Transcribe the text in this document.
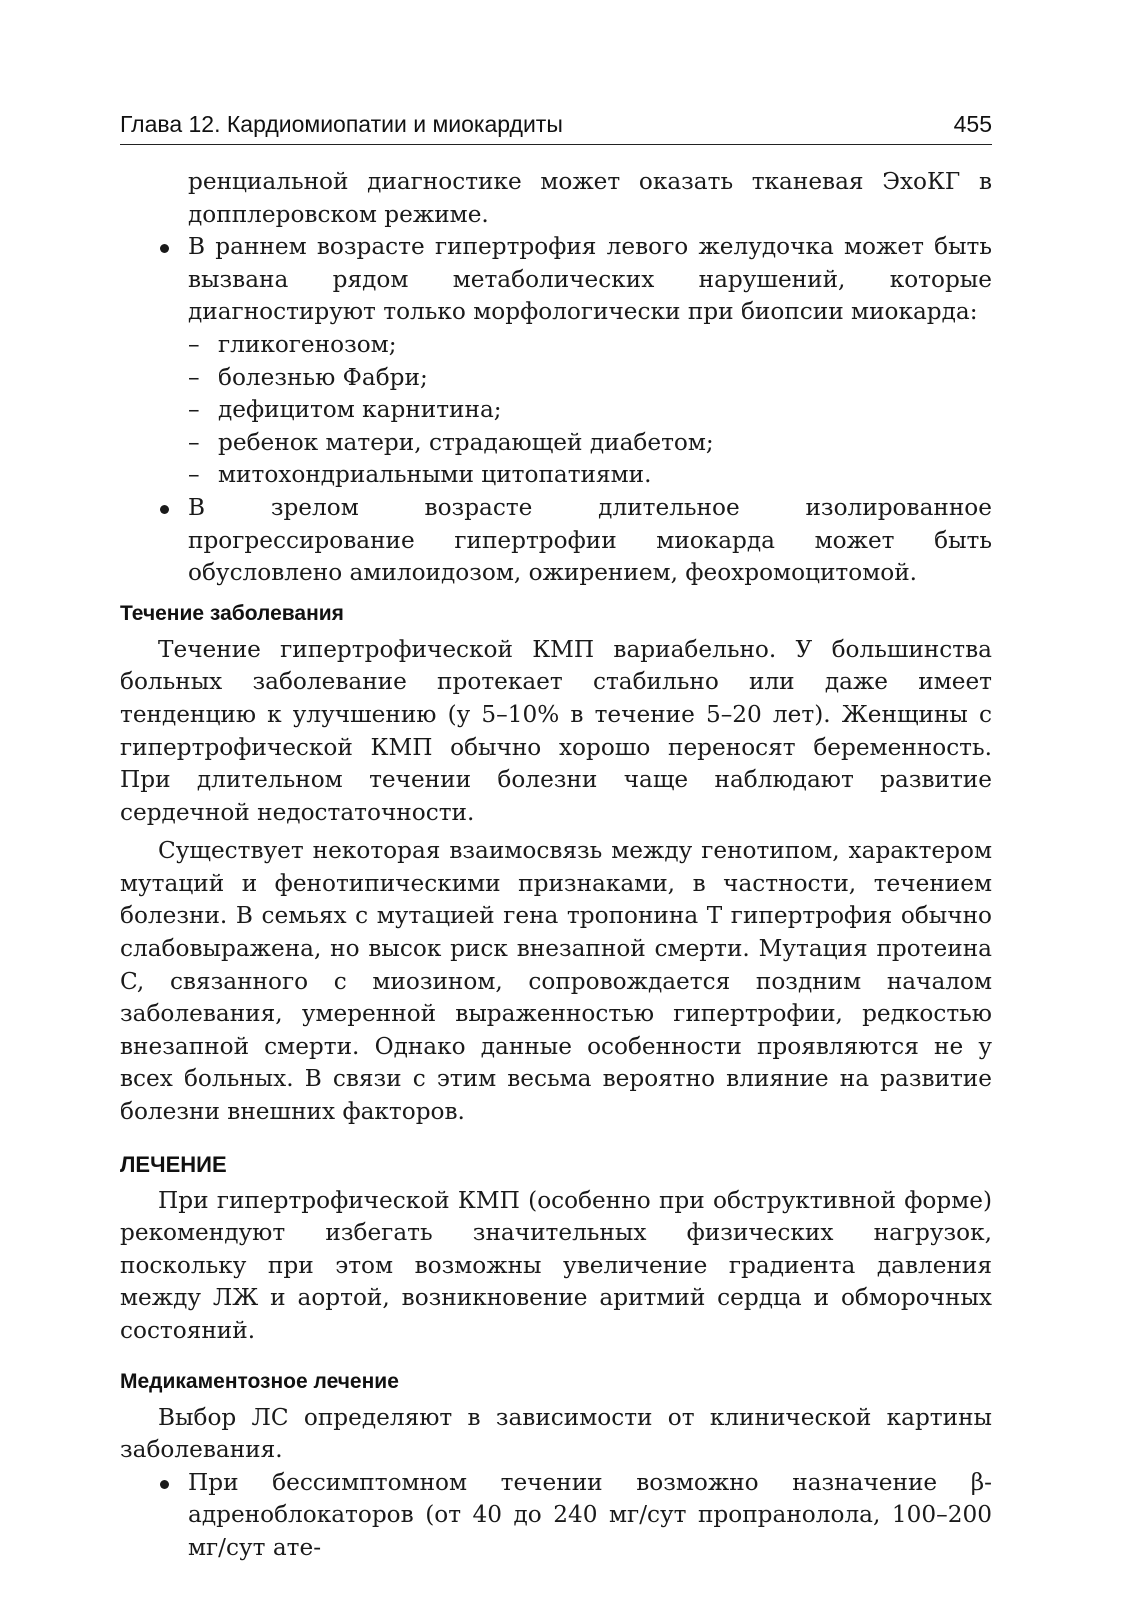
Глава 12. Кардиомиопатии и миокардиты	455

ренциальной диагностике может оказать тканевая ЭхоКГ в допплеровском режиме.

В раннем возрасте гипертрофия левого желудочка может быть вызвана рядом метаболических нарушений, которые диагностируют только морфологически при биопсии миокарда:

– гликогенозом;

– болезнью Фабри;

– дефицитом карнитина;

– ребенок матери, страдающей диабетом;

– митохондриальными цитопатиями.

В зрелом возрасте длительное изолированное прогрессирование гипертрофии миокарда может быть обусловлено амилоидозом, ожирением, феохромоцитомой.

Течение заболевания

Течение гипертрофической КМП вариабельно. У большинства больных заболевание протекает стабильно или даже имеет тенденцию к улучшению (у 5–10% в течение 5–20 лет). Женщины с гипертрофической КМП обычно хорошо переносят беременность. При длительном течении болезни чаще наблюдают развитие сердечной недостаточности.

Существует некоторая взаимосвязь между генотипом, характером мутаций и фенотипическими признаками, в частности, течением болезни. В семьях с мутацией гена тропонина T гипертрофия обычно слабовыражена, но высок риск внезапной смерти. Мутация протеина C, связанного с миозином, сопровождается поздним началом заболевания, умеренной выраженностью гипертрофии, редкостью внезапной смерти. Однако данные особенности проявляются не у всех больных. В связи с этим весьма вероятно влияние на развитие болезни внешних факторов.

ЛЕЧЕНИЕ

При гипертрофической КМП (особенно при обструктивной форме) рекомендуют избегать значительных физических нагрузок, поскольку при этом возможны увеличение градиента давления между ЛЖ и аортой, возникновение аритмий сердца и обморочных состояний.

Медикаментозное лечение

Выбор ЛС определяют в зависимости от клинической картины заболевания.

При бессимптомном течении возможно назначение β-адреноблокаторов (от 40 до 240 мг/сут пропранолола, 100–200 мг/сут ате-
